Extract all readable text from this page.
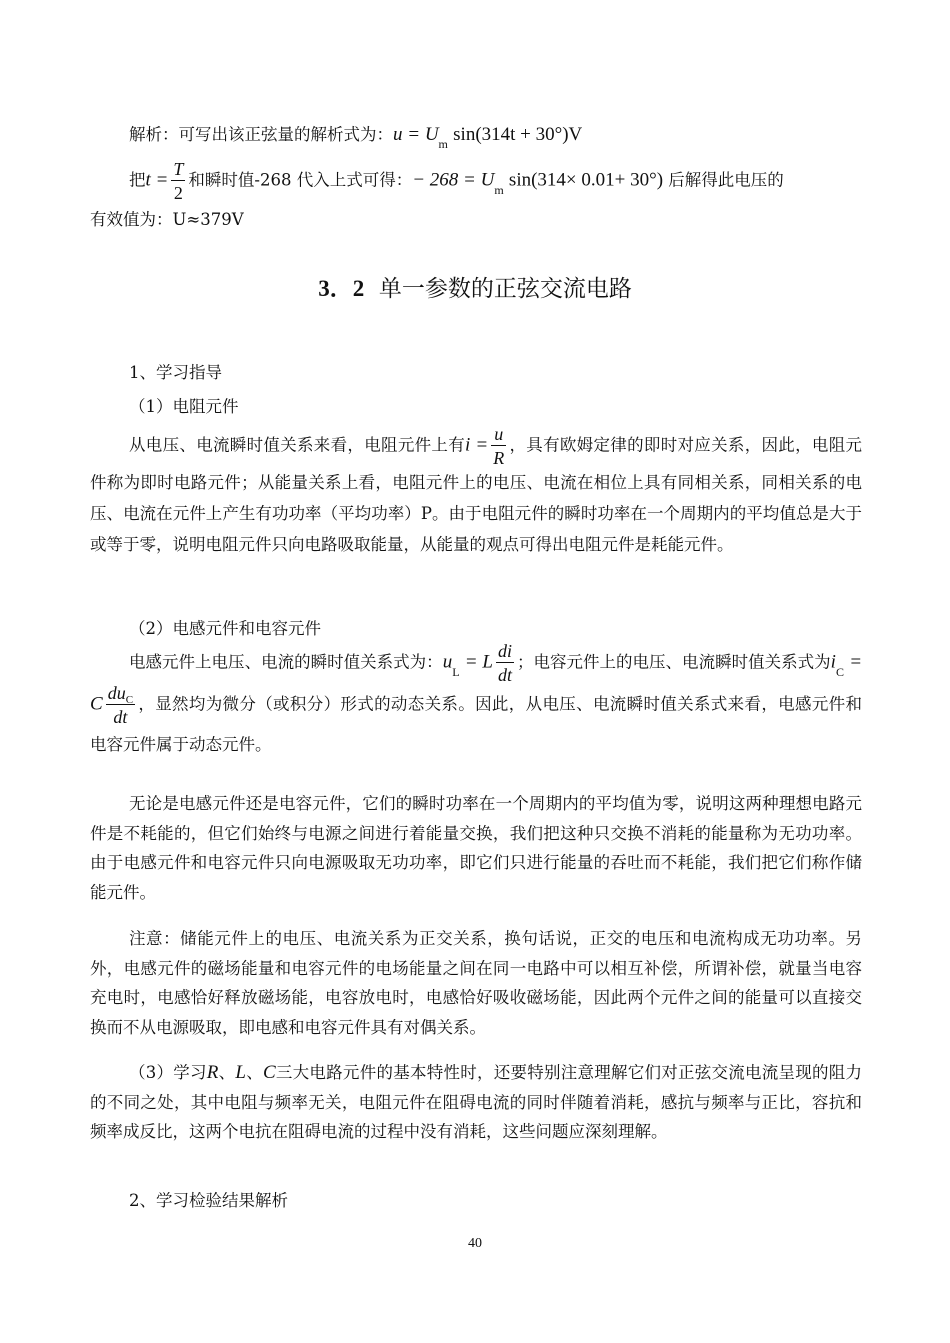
解析：可写出该正弦量的解析式为：$u = U_m$ sin(314t + 30°)V

把$t = \frac{T}{2}$ 和瞬时值-268 代入上式可得：− $268 = U_m$ sin(314× 0.01+ 30°) 后解得此电压的

有效值为：U≈379V

3．2 单一参数的正弦交流电路

1、学习指导

（1）电阻元件

从电压、电流瞬时值关系来看，电阻元件上有$i = \frac{u}{R}$ ，具有欧姆定律的即时对应关系，因此，电阻元件称为即时电路元件；从能量关系上看，电阻元件上的电压、电流在相位上具有同相关系，同相关系的电压、电流在元件上产生有功功率（平均功率）P。由于电阻元件的瞬时功率在一个周期内的平均值总是大于或等于零，说明电阻元件只向电路吸取能量，从能量的观点可得出电阻元件是耗能元件。

（2）电感元件和电容元件

电感元件上电压、电流的瞬时值关系式为：$u_L = L \frac{di}{dt}$ ；电容元件上的电压、电流瞬时值关系式为$i_C = C \frac{du_C}{dt}$ ，显然均为微分（或积分）形式的动态关系。因此，从电压、电流瞬时值关系式来看，电感元件和电容元件属于动态元件。

无论是电感元件还是电容元件，它们的瞬时功率在一个周期内的平均值为零，说明这两种理想电路元件是不耗能的，但它们始终与电源之间进行着能量交换，我们把这种只交换不消耗的能量称为无功功率。由于电感元件和电容元件只向电源吸取无功功率，即它们只进行能量的吞吐而不耗能，我们把它们称作储能元件。

注意：储能元件上的电压、电流关系为正交关系，换句话说，正交的电压和电流构成无功功率。另外，电感元件的磁场能量和电容元件的电场能量之间在同一电路中可以相互补偿，所谓补偿，就量当电容充电时，电感恰好释放磁场能，电容放电时，电感恰好吸收磁场能，因此两个元件之间的能量可以直接交换而不从电源吸取，即电感和电容元件具有对偶关系。

（3）学习R、L、C三大电路元件的基本特性时，还要特别注意理解它们对正弦交流电流呈现的阻力的不同之处，其中电阻与频率无关，电阻元件在阻碍电流的同时伴随着消耗，感抗与频率与正比，容抗和频率成反比，这两个电抗在阻碍电流的过程中没有消耗，这些问题应深刻理解。

2、学习检验结果解析

40
